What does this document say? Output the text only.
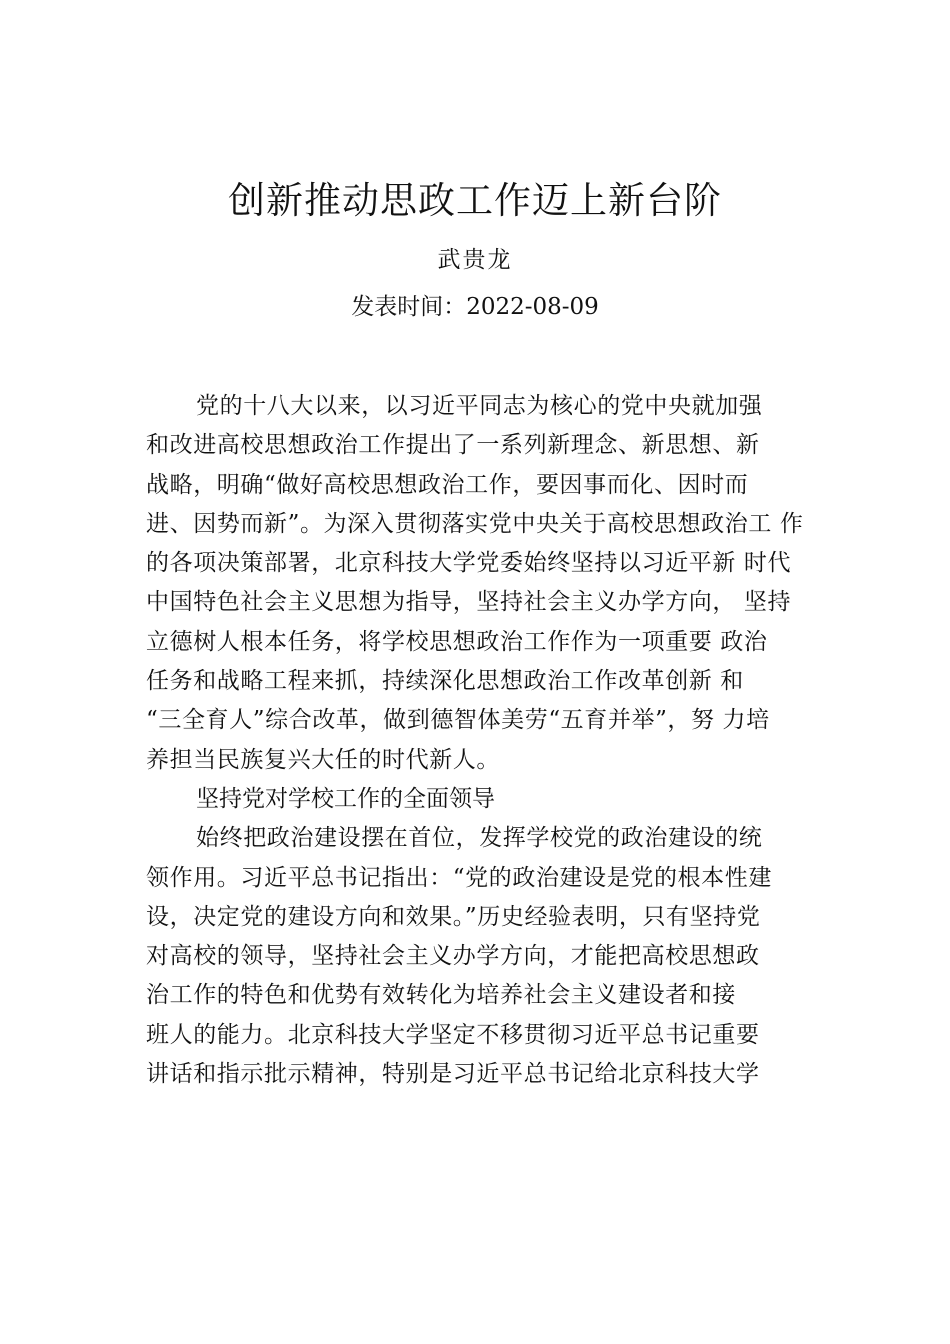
创新推动思政工作迈上新台阶
武贵龙
发表时间：2022-08-09
党的十八大以来，以习近平同志为核心的党中央就加强
和改进高校思想政治工作提出了一系列新理念、新思想、新
战略，明确“做好高校思想政治工作，要因事而化、因时而
进、因势而新”。为深入贯彻落实党中央关于高校思想政治工 作
的各项决策部署，北京科技大学党委始终坚持以习近平新 时代
中国特色社会主义思想为指导，坚持社会主义办学方向， 坚持
立德树人根本任务，将学校思想政治工作作为一项重要 政治
任务和战略工程来抓，持续深化思想政治工作改革创新 和
“三全育人”综合改革，做到德智体美劳“五育并举”，努 力培
养担当民族复兴大任的时代新人。
坚持党对学校工作的全面领导
始终把政治建设摆在首位，发挥学校党的政治建设的统
领作用。习近平总书记指出：“党的政治建设是党的根本性建
设，决定党的建设方向和效果。”历史经验表明，只有坚持党
对高校的领导，坚持社会主义办学方向，才能把高校思想政
治工作的特色和优势有效转化为培养社会主义建设者和接
班人的能力。北京科技大学坚定不移贯彻习近平总书记重要
讲话和指示批示精神，特别是习近平总书记给北京科技大学
